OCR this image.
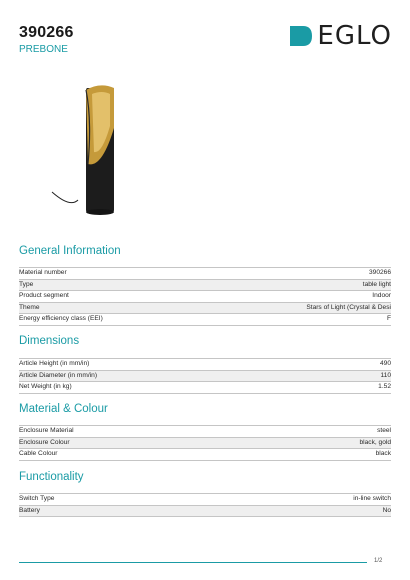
390266
PREBONE	EGLO
General Information
Material number	390266
Type	table light
Product segment	Indoor
Theme	Stars of Light (Crystal & Desi
Energy efficiency class (EEI)	F
Dimensions
Article Height (in mm/in)	490
Article Diameter (in mm/in)	110
Net Weight (in kg)	1.52
Material & Colour
Enclosure Material	steel
Enclosure Colour	black, gold
Cable Colour	black
Functionality
Switch Type	in-line switch
Battery	No
1/2
